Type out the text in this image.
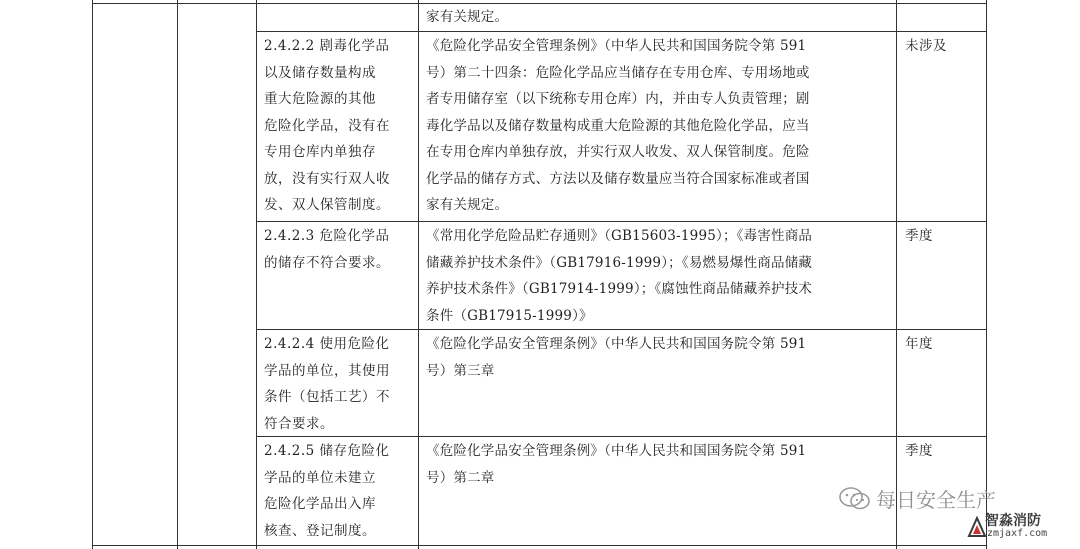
家有关规定。
2.4.2.2 剧毒化学品
以及储存数量构成
重大危险源的其他
危险化学品，没有在
专用仓库内单独存
放，没有实行双人收
发、双人保管制度。
《危险化学品安全管理条例》（中华人民共和国国务院令第 591
号）第二十四条：危险化学品应当储存在专用仓库、专用场地或
者专用储存室（以下统称专用仓库）内，并由专人负责管理；剧
毒化学品以及储存数量构成重大危险源的其他危险化学品，应当
在专用仓库内单独存放，并实行双人收发、双人保管制度。危险
化学品的储存方式、方法以及储存数量应当符合国家标准或者国
家有关规定。
未涉及
2.4.2.3 危险化学品
的储存不符合要求。
《常用化学危险品贮存通则》（GB15603-1995）；《毒害性商品
储藏养护技术条件》（GB17916-1999）；《易燃易爆性商品储藏
养护技术条件》（GB17914-1999）；《腐蚀性商品储藏养护技术
条件（GB17915-1999）》
季度
2.4.2.4 使用危险化
学品的单位，其使用
条件（包括工艺）不
符合要求。
《危险化学品安全管理条例》（中华人民共和国国务院令第 591
号）第三章
年度
2.4.2.5 储存危险化
学品的单位未建立
危险化学品出入库
核查、登记制度。
《危险化学品安全管理条例》（中华人民共和国国务院令第 591
号）第二章
季度
每日安全生产
智淼消防
zmjaxf.com
